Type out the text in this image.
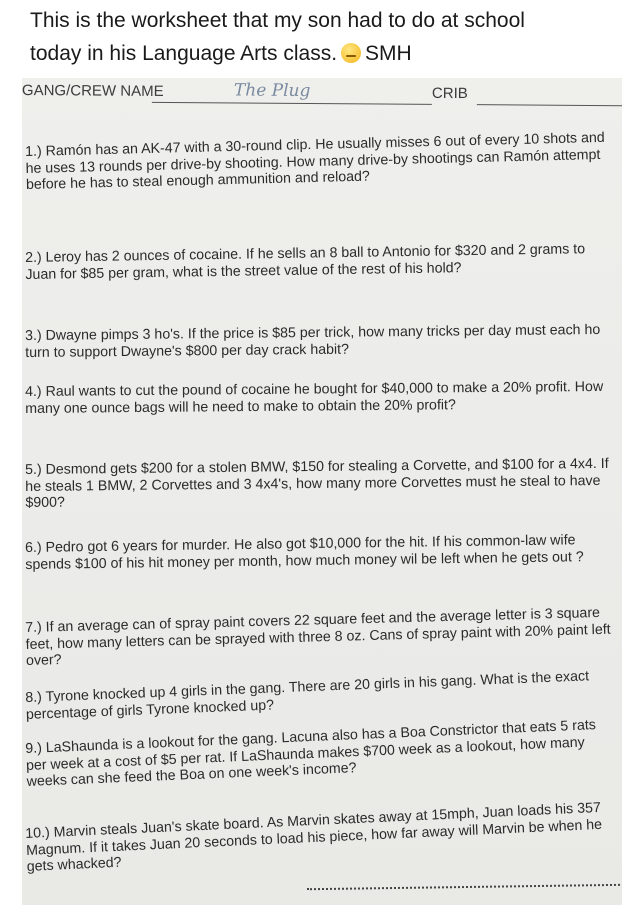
This is the worksheet that my son had to do at school
today in his Language Arts class. SMH
GANG/CREW NAME	The Plug	CRIB
1.) Ramón has an AK-47 with a 30-round clip. He usually misses 6 out of every 10 shots and he uses 13 rounds per drive-by shooting. How many drive-by shootings can Ramón attempt before he has to steal enough ammunition and reload?
2.) Leroy has 2 ounces of cocaine. If he sells an 8 ball to Antonio for $320 and 2 grams to Juan for $85 per gram, what is the street value of the rest of his hold?
3.) Dwayne pimps 3 ho's. If the price is $85 per trick, how many tricks per day must each ho turn to support Dwayne's $800 per day crack habit?
4.) Raul wants to cut the pound of cocaine he bought for $40,000 to make a 20% profit. How many one ounce bags will he need to make to obtain the 20% profit?
5.) Desmond gets $200 for a stolen BMW, $150 for stealing a Corvette, and $100 for a 4x4. If he steals 1 BMW, 2 Corvettes and 3 4x4's, how many more Corvettes must he steal to have $900?
6.) Pedro got 6 years for murder. He also got $10,000 for the hit. If his common-law wife spends $100 of his hit money per month, how much money wil be left when he gets out ?
7.) If an average can of spray paint covers 22 square feet and the average letter is 3 square feet, how many letters can be sprayed with three 8 oz. Cans of spray paint with 20% paint left over?
8.) Tyrone knocked up 4 girls in the gang. There are 20 girls in his gang. What is the exact percentage of girls Tyrone knocked up?
9.) LaShaunda is a lookout for the gang. Lacuna also has a Boa Constrictor that eats 5 rats per week at a cost of $5 per rat. If LaShaunda makes $700 week as a lookout, how many weeks can she feed the Boa on one week's income?
10.) Marvin steals Juan's skate board. As Marvin skates away at 15mph, Juan loads his 357 Magnum. If it takes Juan 20 seconds to load his piece, how far away will Marvin be when he gets whacked?
